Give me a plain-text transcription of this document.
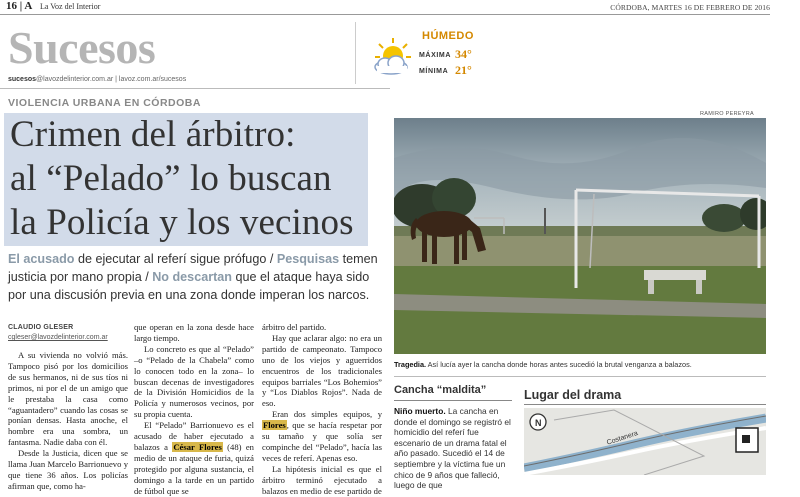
16 | A La Voz del Interior	CÓRDOBA, MARTES 16 DE FEBRERO DE 2016
Sucesos
sucesos@lavozdelinterior.com.ar | lavoz.com.ar/sucesos
HÚMEDO
MÁXIMA 34°
MÍNIMA 21°
VIOLENCIA URBANA EN CÓRDOBA
Crimen del árbitro:
al “Pelado” lo buscan
la Policía y los vecinos
El acusado de ejecutar al referí sigue prófugo / Pesquisas temen justicia por mano propia / No descartan que el ataque haya sido por una discusión previa en una zona donde imperan los narcos.
CLAUDIO GLESER
cgleser@lavozdelinterior.com.ar

A su vivienda no volvió más. Tampoco pisó por los domicilios de sus hermanos, ni de sus tíos ni primos, ni por el de un amigo que le prestaba la casa como “aguantadero” cuando las cosas se ponían densas. Hasta anoche, el hombre era una sombra, un fantasma. Nadie daba con él.

Desde la Justicia, dicen que se llama Juan Marcelo Barrionuevo y que tiene 36 años. Los policías afirman que, como ha-

que operan en la zona desde hace largo tiempo.

Lo concreto es que al “Pelado” –o “Pelado de la Chabela” como lo conocen todo en la zona– lo buscan decenas de investigadores de la División Homicidios de la Policía y numerosos vecinos, por su propia cuenta.

El “Pelado” Barrionuevo es el acusado de haber ejecutado a balazos a César Flores (48) en medio de un ataque de furia, quizá protegido por alguna sustancia, el domingo a la tarde en un partido de fútbol que se

árbitro del partido.

Hay que aclarar algo: no era un partido de campeonato. Tampoco uno de los viejos y aguerridos encuentros de los tradicionales equipos barriales “Los Bohemios” y “Los Diablos Rojos”. Nada de eso.

Eran dos simples equipos, y Flores, que se hacía respetar por su tamaño y que solía ser compinche del “Pelado”, hacía las veces de referí. Apenas eso.

La hipótesis inicial es que el árbitro terminó ejecutado a balazos en medio de ese partido de

RAMIRO PEREYRA
Tragedia. Así lucía ayer la cancha donde horas antes sucedió la brutal venganza a balazos.
Cancha “maldita”
Niño muerto. La cancha en donde el domingo se registró el homicidio del referí fue escenario de un drama fatal el año pasado. Sucedió el 14 de septiembre y la víctima fue un chico de 9 años que falleció, luego de que
Lugar del drama
N
Costanera
